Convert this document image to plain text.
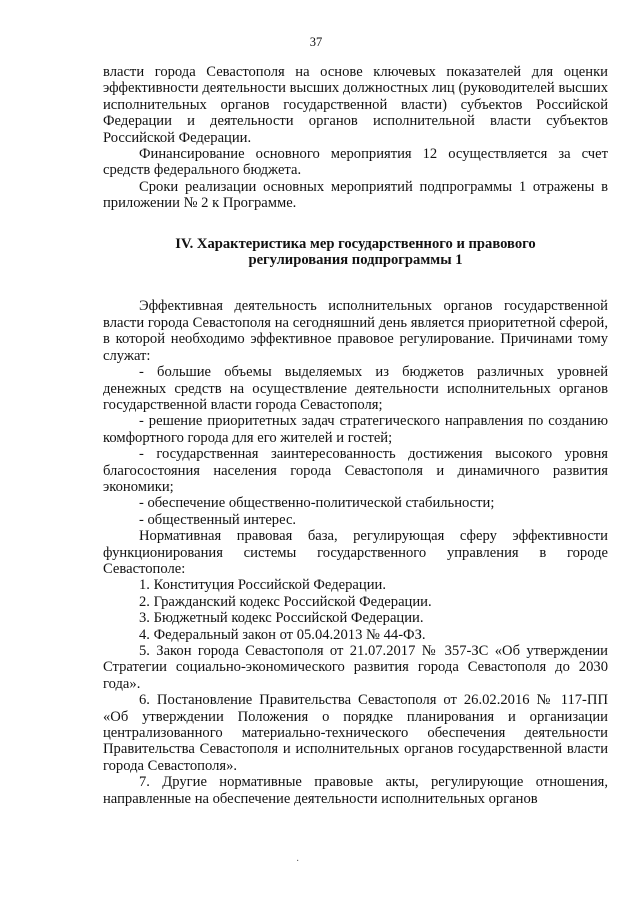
37

власти города Севастополя на основе ключевых показателей для оценки эффективности деятельности высших должностных лиц (руководителей высших исполнительных органов государственной власти) субъектов Российской Федерации и деятельности органов исполнительной власти субъектов Российской Федерации.

Финансирование основного мероприятия 12 осуществляется за счет средств федерального бюджета.

Сроки реализации основных мероприятий подпрограммы 1 отражены в приложении № 2 к Программе.

IV. Характеристика мер государственного и правового

регулирования подпрограммы 1

Эффективная деятельность исполнительных органов государственной власти города Севастополя на сегодняшний день является приоритетной сферой, в которой необходимо эффективное правовое регулирование. Причинами тому служат:

- большие объемы выделяемых из бюджетов различных уровней денежных средств на осуществление деятельности исполнительных органов государственной власти города Севастополя;

- решение приоритетных задач стратегического направления по созданию комфортного города для его жителей и гостей;

- государственная заинтересованность достижения высокого уровня благосостояния населения города Севастополя и динамичного развития экономики;

- обеспечение общественно-политической стабильности;

- общественный интерес.

Нормативная правовая база, регулирующая сферу эффективности функционирования системы государственного управления в городе Севастополе:

1. Конституция Российской Федерации.

2. Гражданский кодекс Российской Федерации.

3. Бюджетный кодекс Российской Федерации.

4. Федеральный закон от 05.04.2013 № 44-ФЗ.

5. Закон города Севастополя от 21.07.2017 № 357-ЗС «Об утверждении Стратегии социально-экономического развития города Севастополя до 2030 года».

6. Постановление Правительства Севастополя от 26.02.2016 № 117-ПП «Об утверждении Положения о порядке планирования и организации централизованного материально-технического обеспечения деятельности Правительства Севастополя и исполнительных органов государственной власти города Севастополя».

7. Другие нормативные правовые акты, регулирующие отношения, направленные на обеспечение деятельности исполнительных органов

·
